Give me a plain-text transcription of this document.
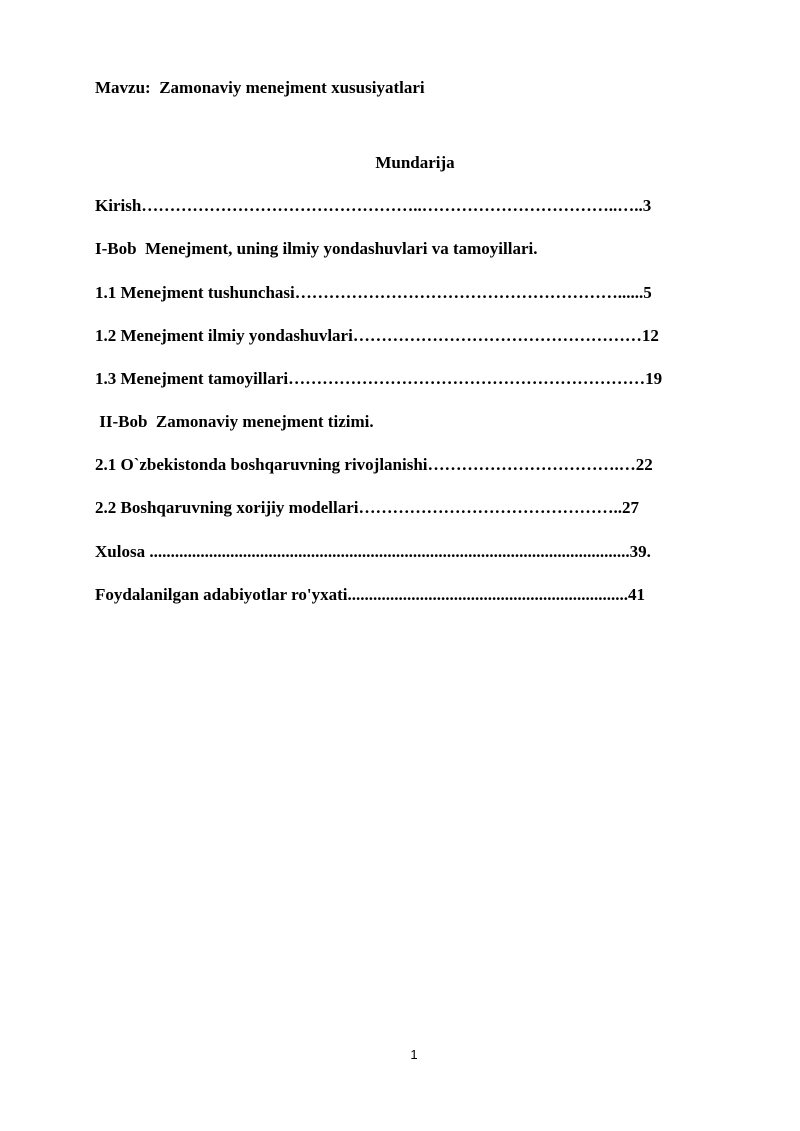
Mavzu:  Zamonaviy menejment xususiyatlari
Mundarija
Kirish…………………………………………..……………………………..…..3
I-Bob  Menejment, uning ilmiy yondashuvlari va tamoyillari.
1.1 Menejment tushunchasi…………………………………………………......5
1.2 Menejment ilmiy yondashuvlari……………………………………………12
1.3 Menejment tamoyillari………………………………………………………19
II-Bob  Zamonaviy menejment tizimi.
2.1 O`zbekistonda boshqaruvning rivojlanishi…………………………….…22
2.2 Boshqaruvning xorijiy modellari………………………………………..27
Xulosa .................................................................................................................39.
Foydalanilgan adabiyotlar ro'yxati..................................................................41
1
